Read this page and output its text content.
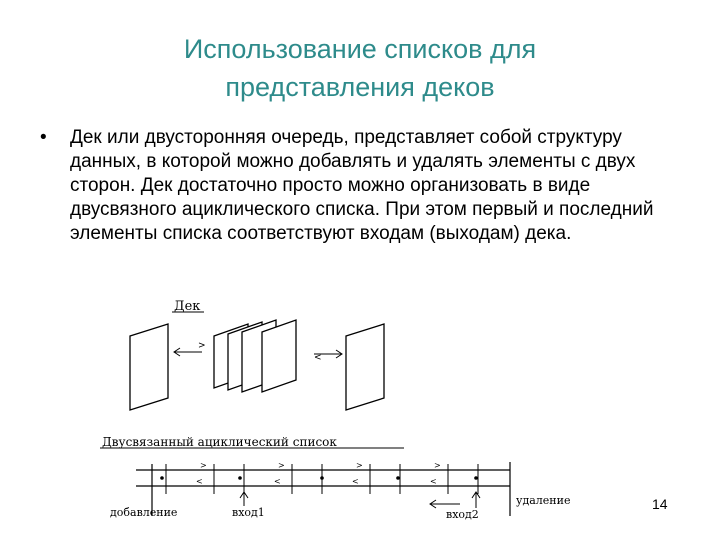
Использование списков для
представления деков
• Дек или двусторонняя очередь, представляет собой структуру данных, в которой можно добавлять и удалять элементы с двух сторон. Дек достаточно просто можно организовать в виде двусвязного ациклического списка. При этом первый и последний элементы списка соответствуют входам (выходам) дека.
Дек
>
<
Двусвязанный ациклический список
>	>	>	>
<	<	<	<
добавление	вход1	вход2
удаление	14
